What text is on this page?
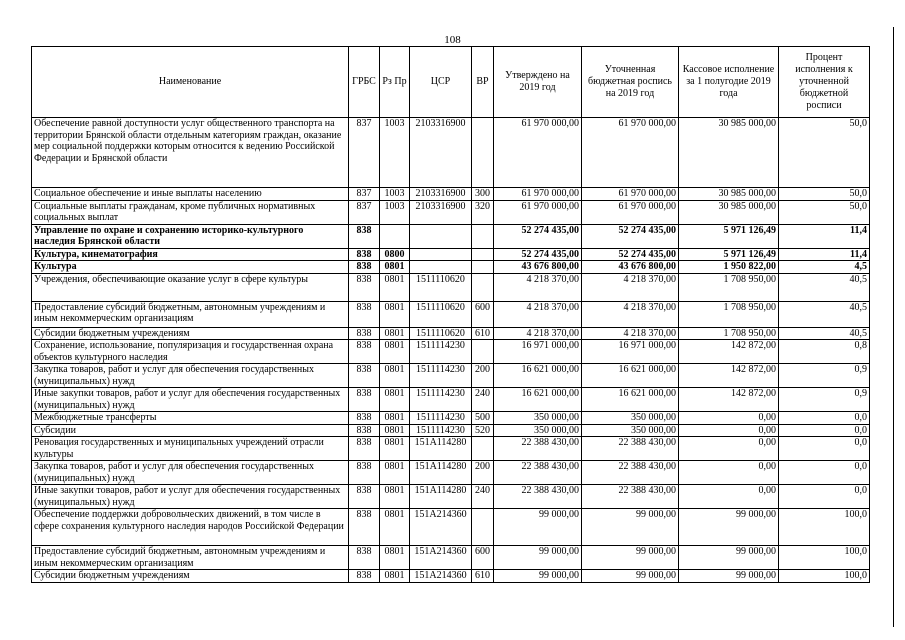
108
Наименование	ГРБС	Рз Пр	ЦСР	ВР	Утверждено на 2019 год	Уточненная бюджетная роспись на 2019 год	Кассовое исполнение за 1 полугодие 2019 года	Процент исполнения к уточненной бюджетной росписи
Обеспечение равной доступности услуг общественного транспорта на территории Брянской области отдельным категориям граждан, оказание мер социальной поддержки которым относится к ведению Российской Федерации и Брянской области	837	1003	2103316900		61 970 000,00	61 970 000,00	30 985 000,00	50,0
Социальное обеспечение и иные выплаты населению	837	1003	2103316900	300	61 970 000,00	61 970 000,00	30 985 000,00	50,0
Социальные выплаты гражданам, кроме публичных нормативных социальных выплат	837	1003	2103316900	320	61 970 000,00	61 970 000,00	30 985 000,00	50,0
Управление по охране и сохранению историко-культурного наследия Брянской области	838				52 274 435,00	52 274 435,00	5 971 126,49	11,4
Культура, кинематография	838	0800			52 274 435,00	52 274 435,00	5 971 126,49	11,4
Культура	838	0801			43 676 800,00	43 676 800,00	1 950 822,00	4,5
Учреждения, обеспечивающие оказание услуг в сфере культуры	838	0801	1511110620		4 218 370,00	4 218 370,00	1 708 950,00	40,5
Предоставление субсидий бюджетным, автономным учреждениям и иным некоммерческим организациям	838	0801	1511110620	600	4 218 370,00	4 218 370,00	1 708 950,00	40,5
Субсидии бюджетным учреждениям	838	0801	1511110620	610	4 218 370,00	4 218 370,00	1 708 950,00	40,5
Сохранение, использование, популяризация и государственная охрана объектов культурного наследия	838	0801	1511114230		16 971 000,00	16 971 000,00	142 872,00	0,8
Закупка товаров, работ и услуг для обеспечения государственных (муниципальных) нужд	838	0801	1511114230	200	16 621 000,00	16 621 000,00	142 872,00	0,9
Иные закупки товаров, работ и услуг для обеспечения государственных (муниципальных) нужд	838	0801	1511114230	240	16 621 000,00	16 621 000,00	142 872,00	0,9
Межбюджетные трансферты	838	0801	1511114230	500	350 000,00	350 000,00	0,00	0,0
Субсидии	838	0801	1511114230	520	350 000,00	350 000,00	0,00	0,0
Реновация государственных и муниципальных учреждений отрасли культуры	838	0801	151A114280		22 388 430,00	22 388 430,00	0,00	0,0
Закупка товаров, работ и услуг для обеспечения государственных (муниципальных) нужд	838	0801	151A114280	200	22 388 430,00	22 388 430,00	0,00	0,0
Иные закупки товаров, работ и услуг для обеспечения государственных (муниципальных) нужд	838	0801	151A114280	240	22 388 430,00	22 388 430,00	0,00	0,0
Обеспечение поддержки добровольческих движений, в том числе в сфере сохранения культурного наследия народов Российской Федерации	838	0801	151A214360		99 000,00	99 000,00	99 000,00	100,0
Предоставление субсидий бюджетным, автономным учреждениям и иным некоммерческим организациям	838	0801	151A214360	600	99 000,00	99 000,00	99 000,00	100,0
Субсидии бюджетным учреждениям	838	0801	151A214360	610	99 000,00	99 000,00	99 000,00	100,0
